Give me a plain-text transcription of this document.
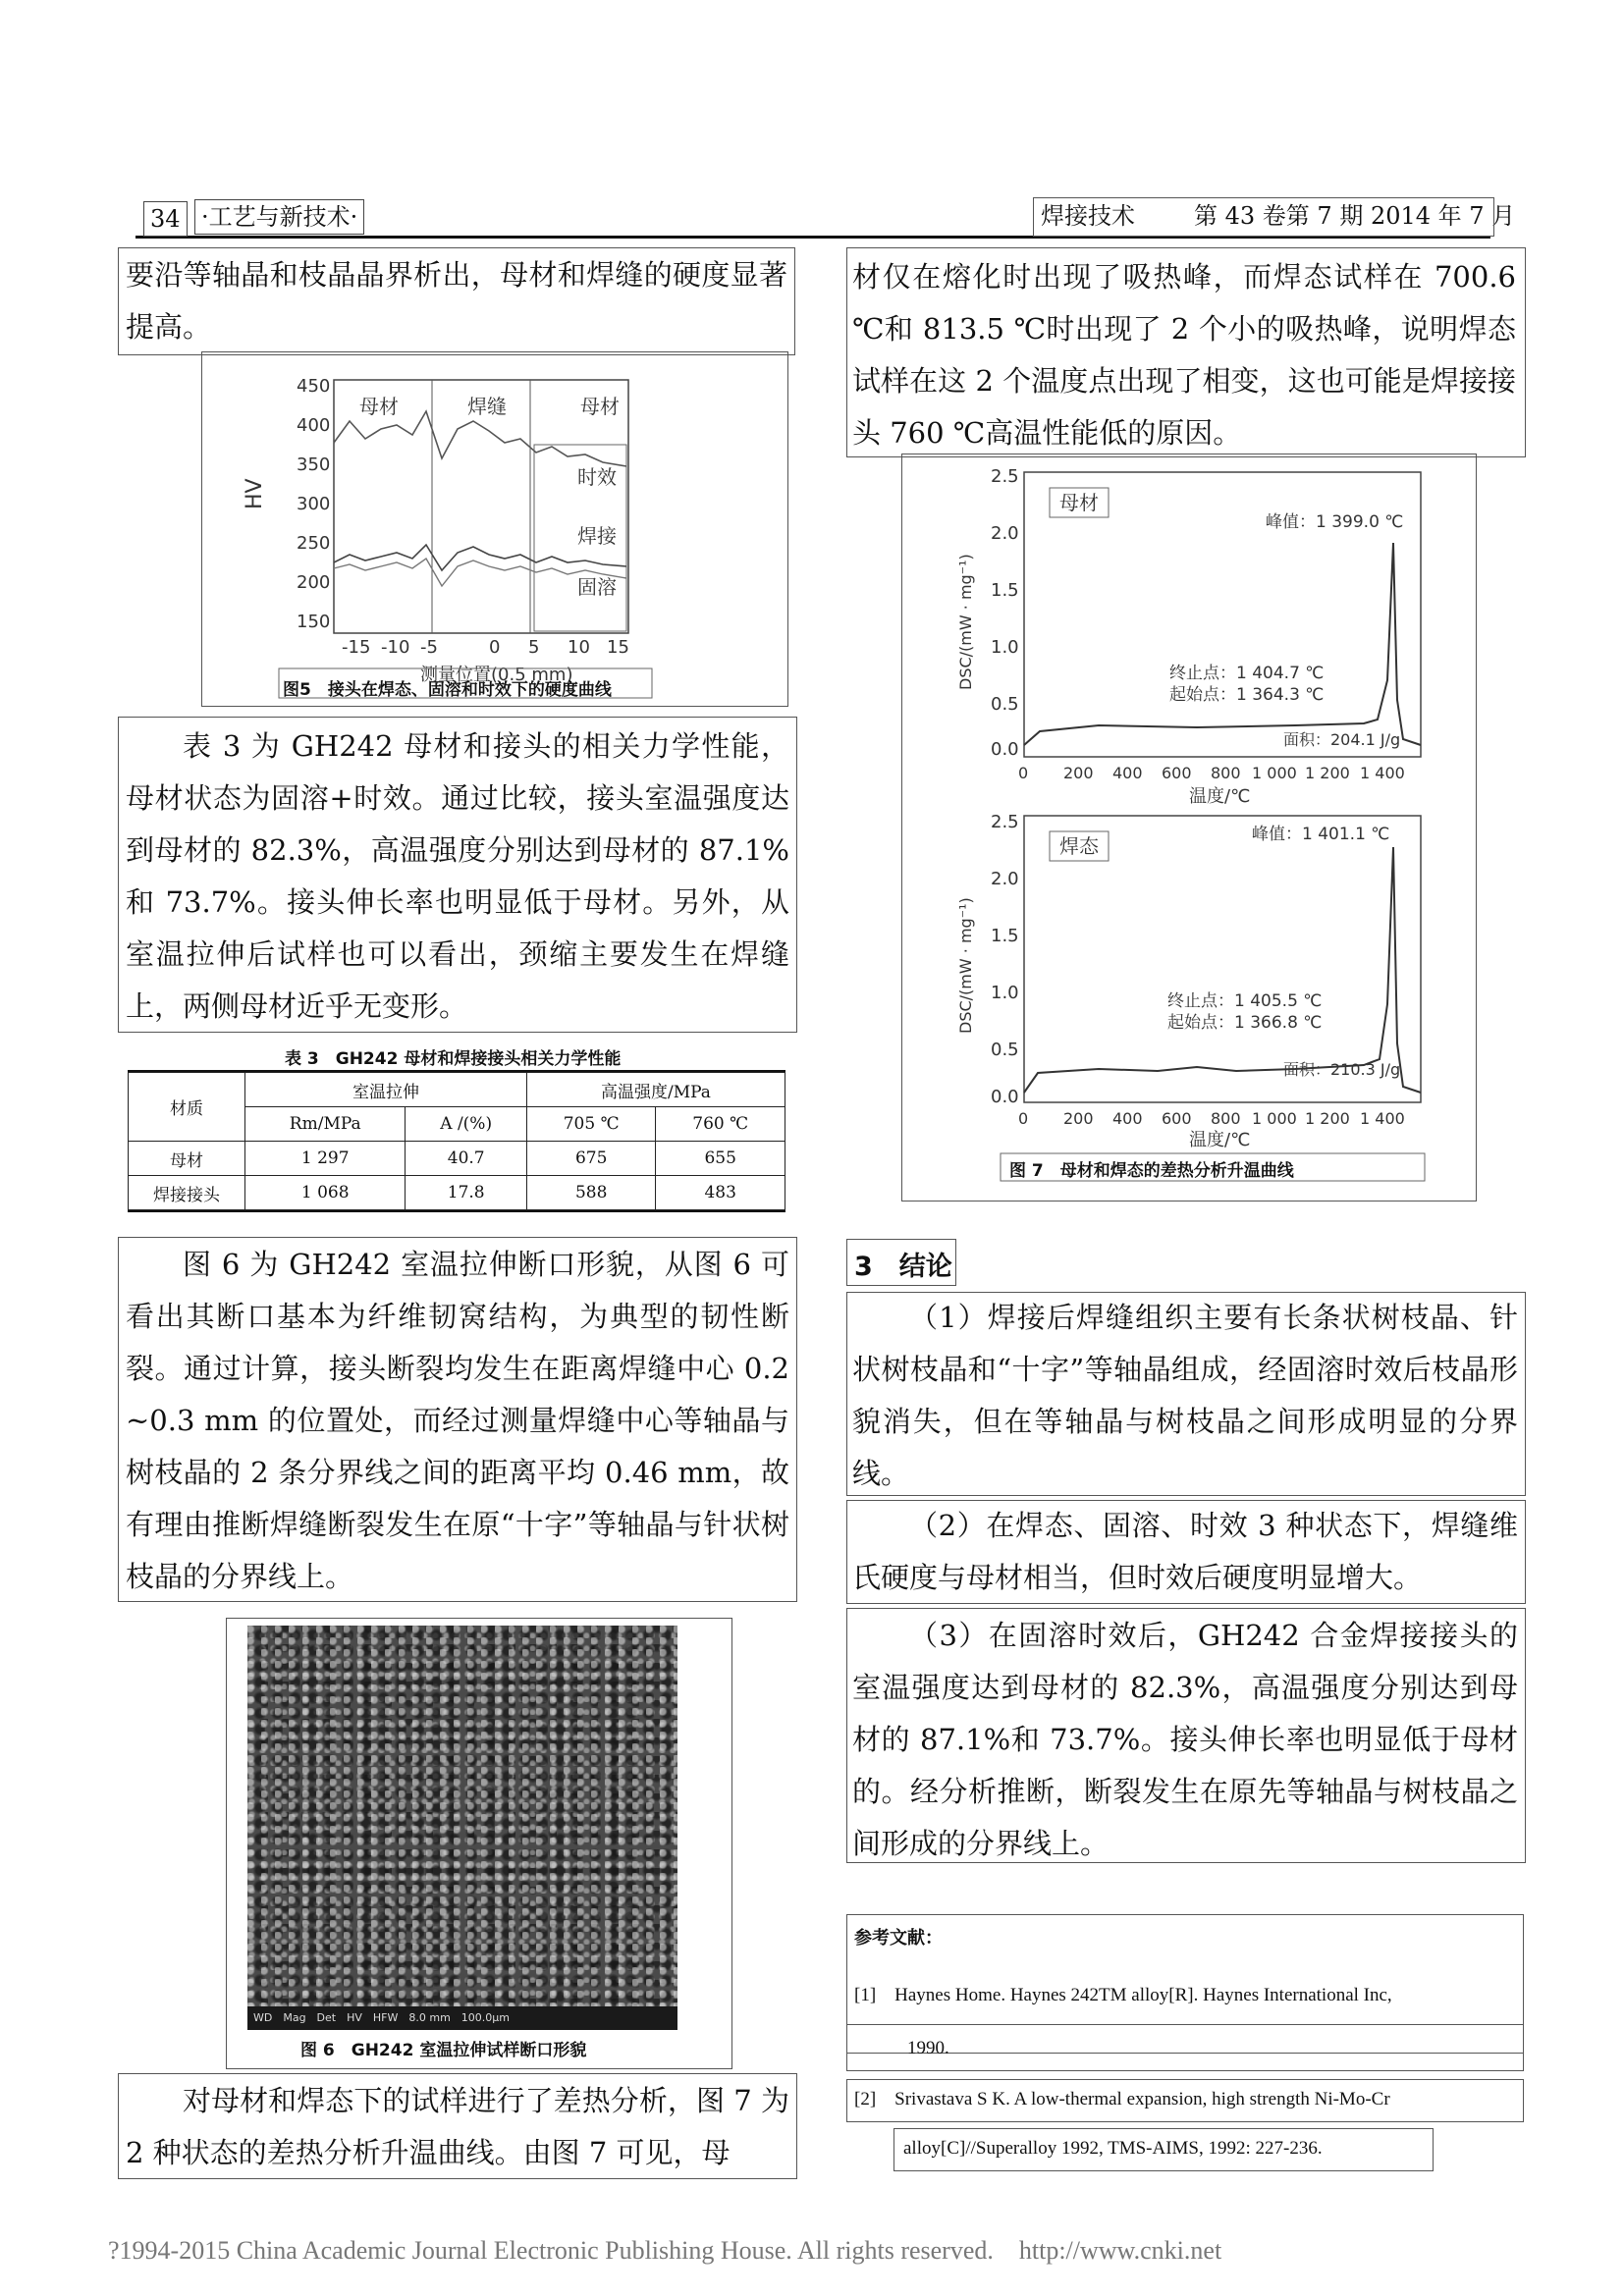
34 ·工艺与新技术·	焊接技术	第 43 卷第 7 期 2014 年 7 月

要沿等轴晶和枝晶晶界析出，母材和焊缝的硬度显著提高。

母材	焊缝	母材
时效
焊接
固溶
450
400
350
300
250
200
150
HV
-15 -10 -5	0 5 10 15
测量位置(0.5 mm)
图5　接头在焊态、固溶和时效下的硬度曲线

表 3 为 GH242 母材和接头的相关力学性能，母材状态为固溶+时效。通过比较，接头室温强度达到母材的 82.3%，高温强度分别达到母材的 87.1%和 73.7%。接头伸长率也明显低于母材。另外，从室温拉伸后试样也可以看出，颈缩主要发生在焊缝上，两侧母材近乎无变形。

表 3　GH242 母材和焊接接头相关力学性能
材质	室温拉伸		高温强度/MPa	
	Rm/MPa	A /(%)	705 ℃	760 ℃
母材	1 297	40.7	675	655
焊接接头	1 068	17.8	588	483

图 6 为 GH242 室温拉伸断口形貌，从图 6 可看出其断口基本为纤维韧窝结构，为典型的韧性断裂。通过计算，接头断裂均发生在距离焊缝中心 0.2~0.3 mm 的位置处，而经过测量焊缝中心等轴晶与树枝晶的 2 条分界线之间的距离平均 0.46 mm，故有理由推断焊缝断裂发生在原“十字”等轴晶与针状树枝晶的分界线上。

WD　Mag　Det　HV　HFW　8.0 mm　100.0μm
图 6　GH242 室温拉伸试样断口形貌

对母材和焊态下的试样进行了差热分析，图 7 为 2 种状态的差热分析升温曲线。由图 7 可见，母

材仅在熔化时出现了吸热峰，而焊态试样在 700.6 ℃和 813.5 ℃时出现了 2 个小的吸热峰，说明焊态试样在这 2 个温度点出现了相变，这也可能是焊接接头 760 ℃高温性能低的原因。

母材
峰值：1 399.0 ℃
终止点：1 404.7 ℃
起始点：1 364.3 ℃
面积：204.1 J/g
2.5
2.0
1.5
1.0
0.5
0.0
DSC/(mW · mg⁻¹)
0 200 400 600 800 1 000 1 200 1 400
温度/℃
焊态	峰值：1 401.1 ℃
终止点：1 405.5 ℃
起始点：1 366.8 ℃
面积：210.3 J/g
2.5
2.0
1.5
1.0
0.5
0.0
DSC/(mW · mg⁻¹)
0 200 400 600 800 1 000 1 200 1 400
温度/℃
图 7　母材和焊态的差热分析升温曲线
3　结论

（1）焊接后焊缝组织主要有长条状树枝晶、针状树枝晶和“十字”等轴晶组成，经固溶时效后枝晶形貌消失，但在等轴晶与树枝晶之间形成明显的分界线。

（2）在焊态、固溶、时效 3 种状态下，焊缝维氏硬度与母材相当，但时效后硬度明显增大。

（3）在固溶时效后，GH242 合金焊接接头的室温强度达到母材的 82.3%，高温强度分别达到母材的 87.1%和 73.7%。接头伸长率也明显低于母材的。经分析推断，断裂发生在原先等轴晶与树枝晶之间形成的分界线上。

参考文献：
[1]　Haynes Home. Haynes 242TM alloy[R]. Haynes International Inc,
1990.
[2]　Srivastava S K. A low-thermal expansion, high strength Ni-Mo-Cr
alloy[C]//Superalloy 1992, TMS-AIMS, 1992: 227-236.
?1994-2015 China Academic Journal Electronic Publishing House. All rights reserved.　http://www.cnki.net
